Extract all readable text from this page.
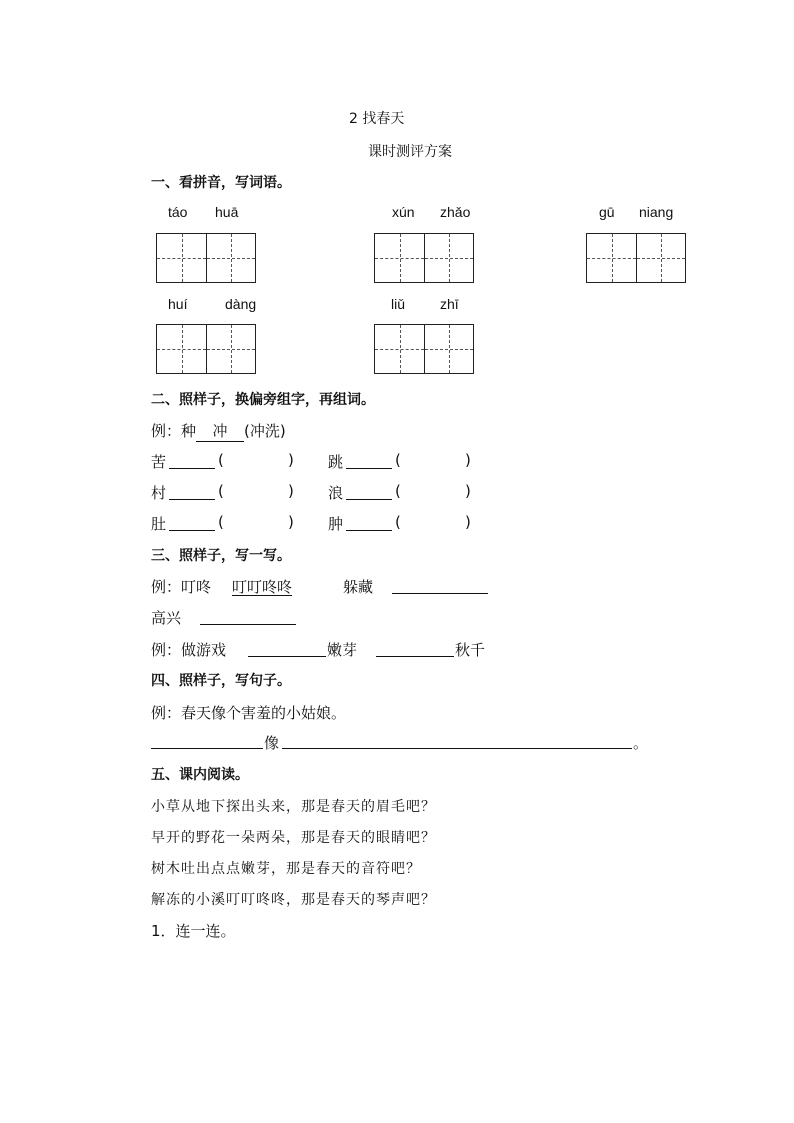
2 找春天
课时测评方案
一、看拼音，写词语。
táo huā	xún zhǎo	gū niang
huí	dàng	liǔ zhī
二、照样子，换偏旁组字，再组词。
例：种 冲 (冲洗)
苦	(	) 跳	(	)
村	(	) 浪	(	)
肚	(	) 肿	(	)
三、照样子，写一写。
例：叮咚 叮叮咚咚	躲藏
高兴
例：做游戏	嫩芽	秋千
四、照样子，写句子。
例：春天像个害羞的小姑娘。
像	。
五、课内阅读。
小草从地下探出头来，那是春天的眉毛吧？
早开的野花一朵两朵，那是春天的眼睛吧？
树木吐出点点嫩芽，那是春天的音符吧？
解冻的小溪叮叮咚咚，那是春天的琴声吧？
1．连一连。
